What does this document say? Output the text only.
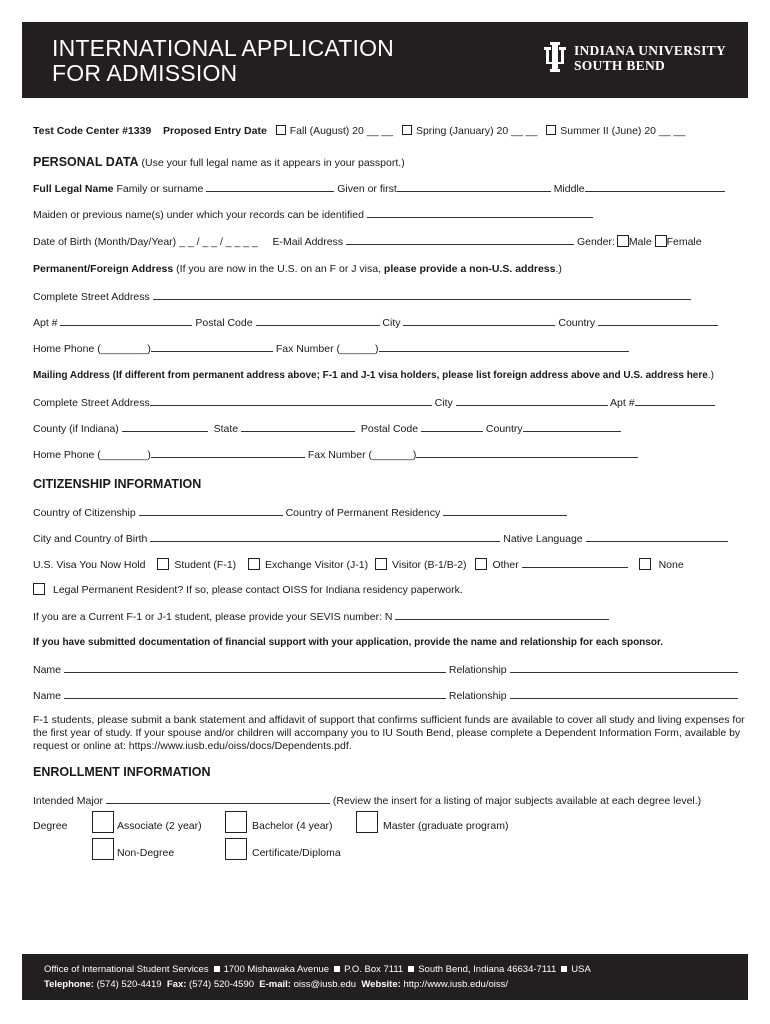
INTERNATIONAL APPLICATION
FOR ADMISSION
INDIANA UNIVERSITY
SOUTH BEND
Test Code Center #1339 Proposed Entry Date Fall (August) 20 __ __ Spring (January) 20 __ __ Summer II (June) 20 __ __
PERSONAL DATA (Use your full legal name as it appears in your passport.)
Full Legal Name Family or surname	Given or first	Middle
Maiden or previous name(s) under which your records can be identified
Date of Birth (Month/Day/Year) _ _ / _ _ / _ _ _ _ E-Mail Address	Gender: Male Female
Permanent/Foreign Address (If you are now in the U.S. on an F or J visa, please provide a non-U.S. address.)
Complete Street Address
Apt #	Postal Code	City	Country
Home Phone (________)	Fax Number (______)
Mailing Address (If different from permanent address above; F-1 and J-1 visa holders, please list foreign address above and U.S. address here.)
Complete Street Address	City	Apt #
County (if Indiana)	State	Postal Code	Country
Home Phone (________)	Fax Number (_______)
CITIZENSHIP INFORMATION
Country of Citizenship	Country of Permanent Residency
City and Country of Birth	Native Language
U.S. Visa You Now Hold	Student (F-1)	Exchange Visitor (J-1) Visitor (B-1/B-2) Other	None
Legal Permanent Resident? If so, please contact OISS for Indiana residency paperwork.
If you are a Current F-1 or J-1 student, please provide your SEVIS number: N
If you have submitted documentation of financial support with your application, provide the name and relationship for each sponsor.
Name	Relationship
Name	Relationship
F-1 students, please submit a bank statement and affidavit of support that confirms sufficient funds are available to cover all study and living expenses for the first year of study. If your spouse and/or children will accompany you to IU South Bend, please complete a Dependent Information Form, available by request or online at: https://www.iusb.edu/oiss/docs/Dependents.pdf.
ENROLLMENT INFORMATION
Intended Major	(Review the insert for a listing of major subjects available at each degree level.)
Degree	Associate (2 year)	Bachelor (4 year)	Master (graduate program)
Non-Degree	Certificate/Diploma
Office of International Student Services 1700 Mishawaka Avenue P.O. Box 7111 South Bend, Indiana 46634-7111 USA
Telephone: (574) 520-4419 Fax: (574) 520-4590 E-mail: oiss@iusb.edu Website: http://www.iusb.edu/oiss/
